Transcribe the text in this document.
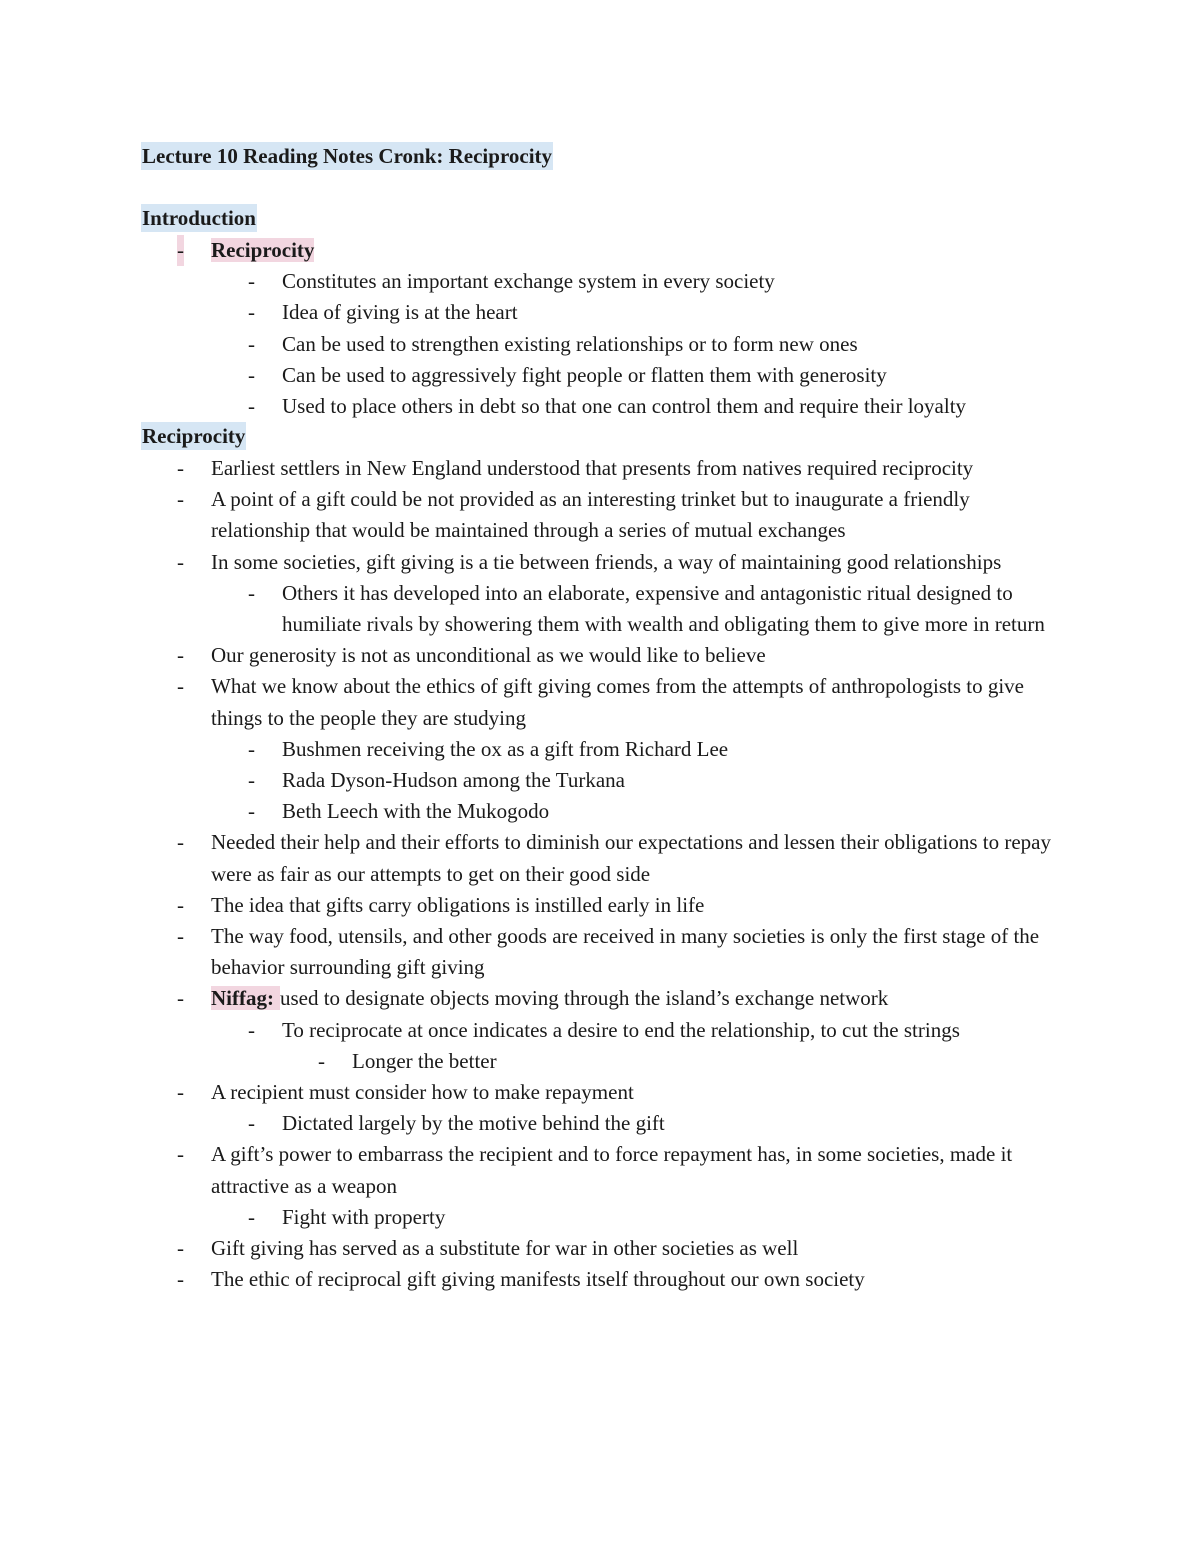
Lecture 10 Reading Notes Cronk: Reciprocity
Introduction
- Reciprocity
- Constitutes an important exchange system in every society
- Idea of giving is at the heart
- Can be used to strengthen existing relationships or to form new ones
- Can be used to aggressively fight people or flatten them with generosity
- Used to place others in debt so that one can control them and require their loyalty
Reciprocity
- Earliest settlers in New England understood that presents from natives required reciprocity
- A point of a gift could be not provided as an interesting trinket but to inaugurate a friendly relationship that would be maintained through a series of mutual exchanges
- In some societies, gift giving is a tie between friends, a way of maintaining good relationships
- Others it has developed into an elaborate, expensive and antagonistic ritual designed to humiliate rivals by showering them with wealth and obligating them to give more in return
- Our generosity is not as unconditional as we would like to believe
- What we know about the ethics of gift giving comes from the attempts of anthropologists to give things to the people they are studying
- Bushmen receiving the ox as a gift from Richard Lee
- Rada Dyson-Hudson among the Turkana
- Beth Leech with the Mukogodo
- Needed their help and their efforts to diminish our expectations and lessen their obligations to repay were as fair as our attempts to get on their good side
- The idea that gifts carry obligations is instilled early in life
- The way food, utensils, and other goods are received in many societies is only the first stage of the behavior surrounding gift giving
- Niffag: used to designate objects moving through the island’s exchange network
- To reciprocate at once indicates a desire to end the relationship, to cut the strings
- Longer the better
- A recipient must consider how to make repayment
- Dictated largely by the motive behind the gift
- A gift’s power to embarrass the recipient and to force repayment has, in some societies, made it attractive as a weapon
- Fight with property
- Gift giving has served as a substitute for war in other societies as well
- The ethic of reciprocal gift giving manifests itself throughout our own society
